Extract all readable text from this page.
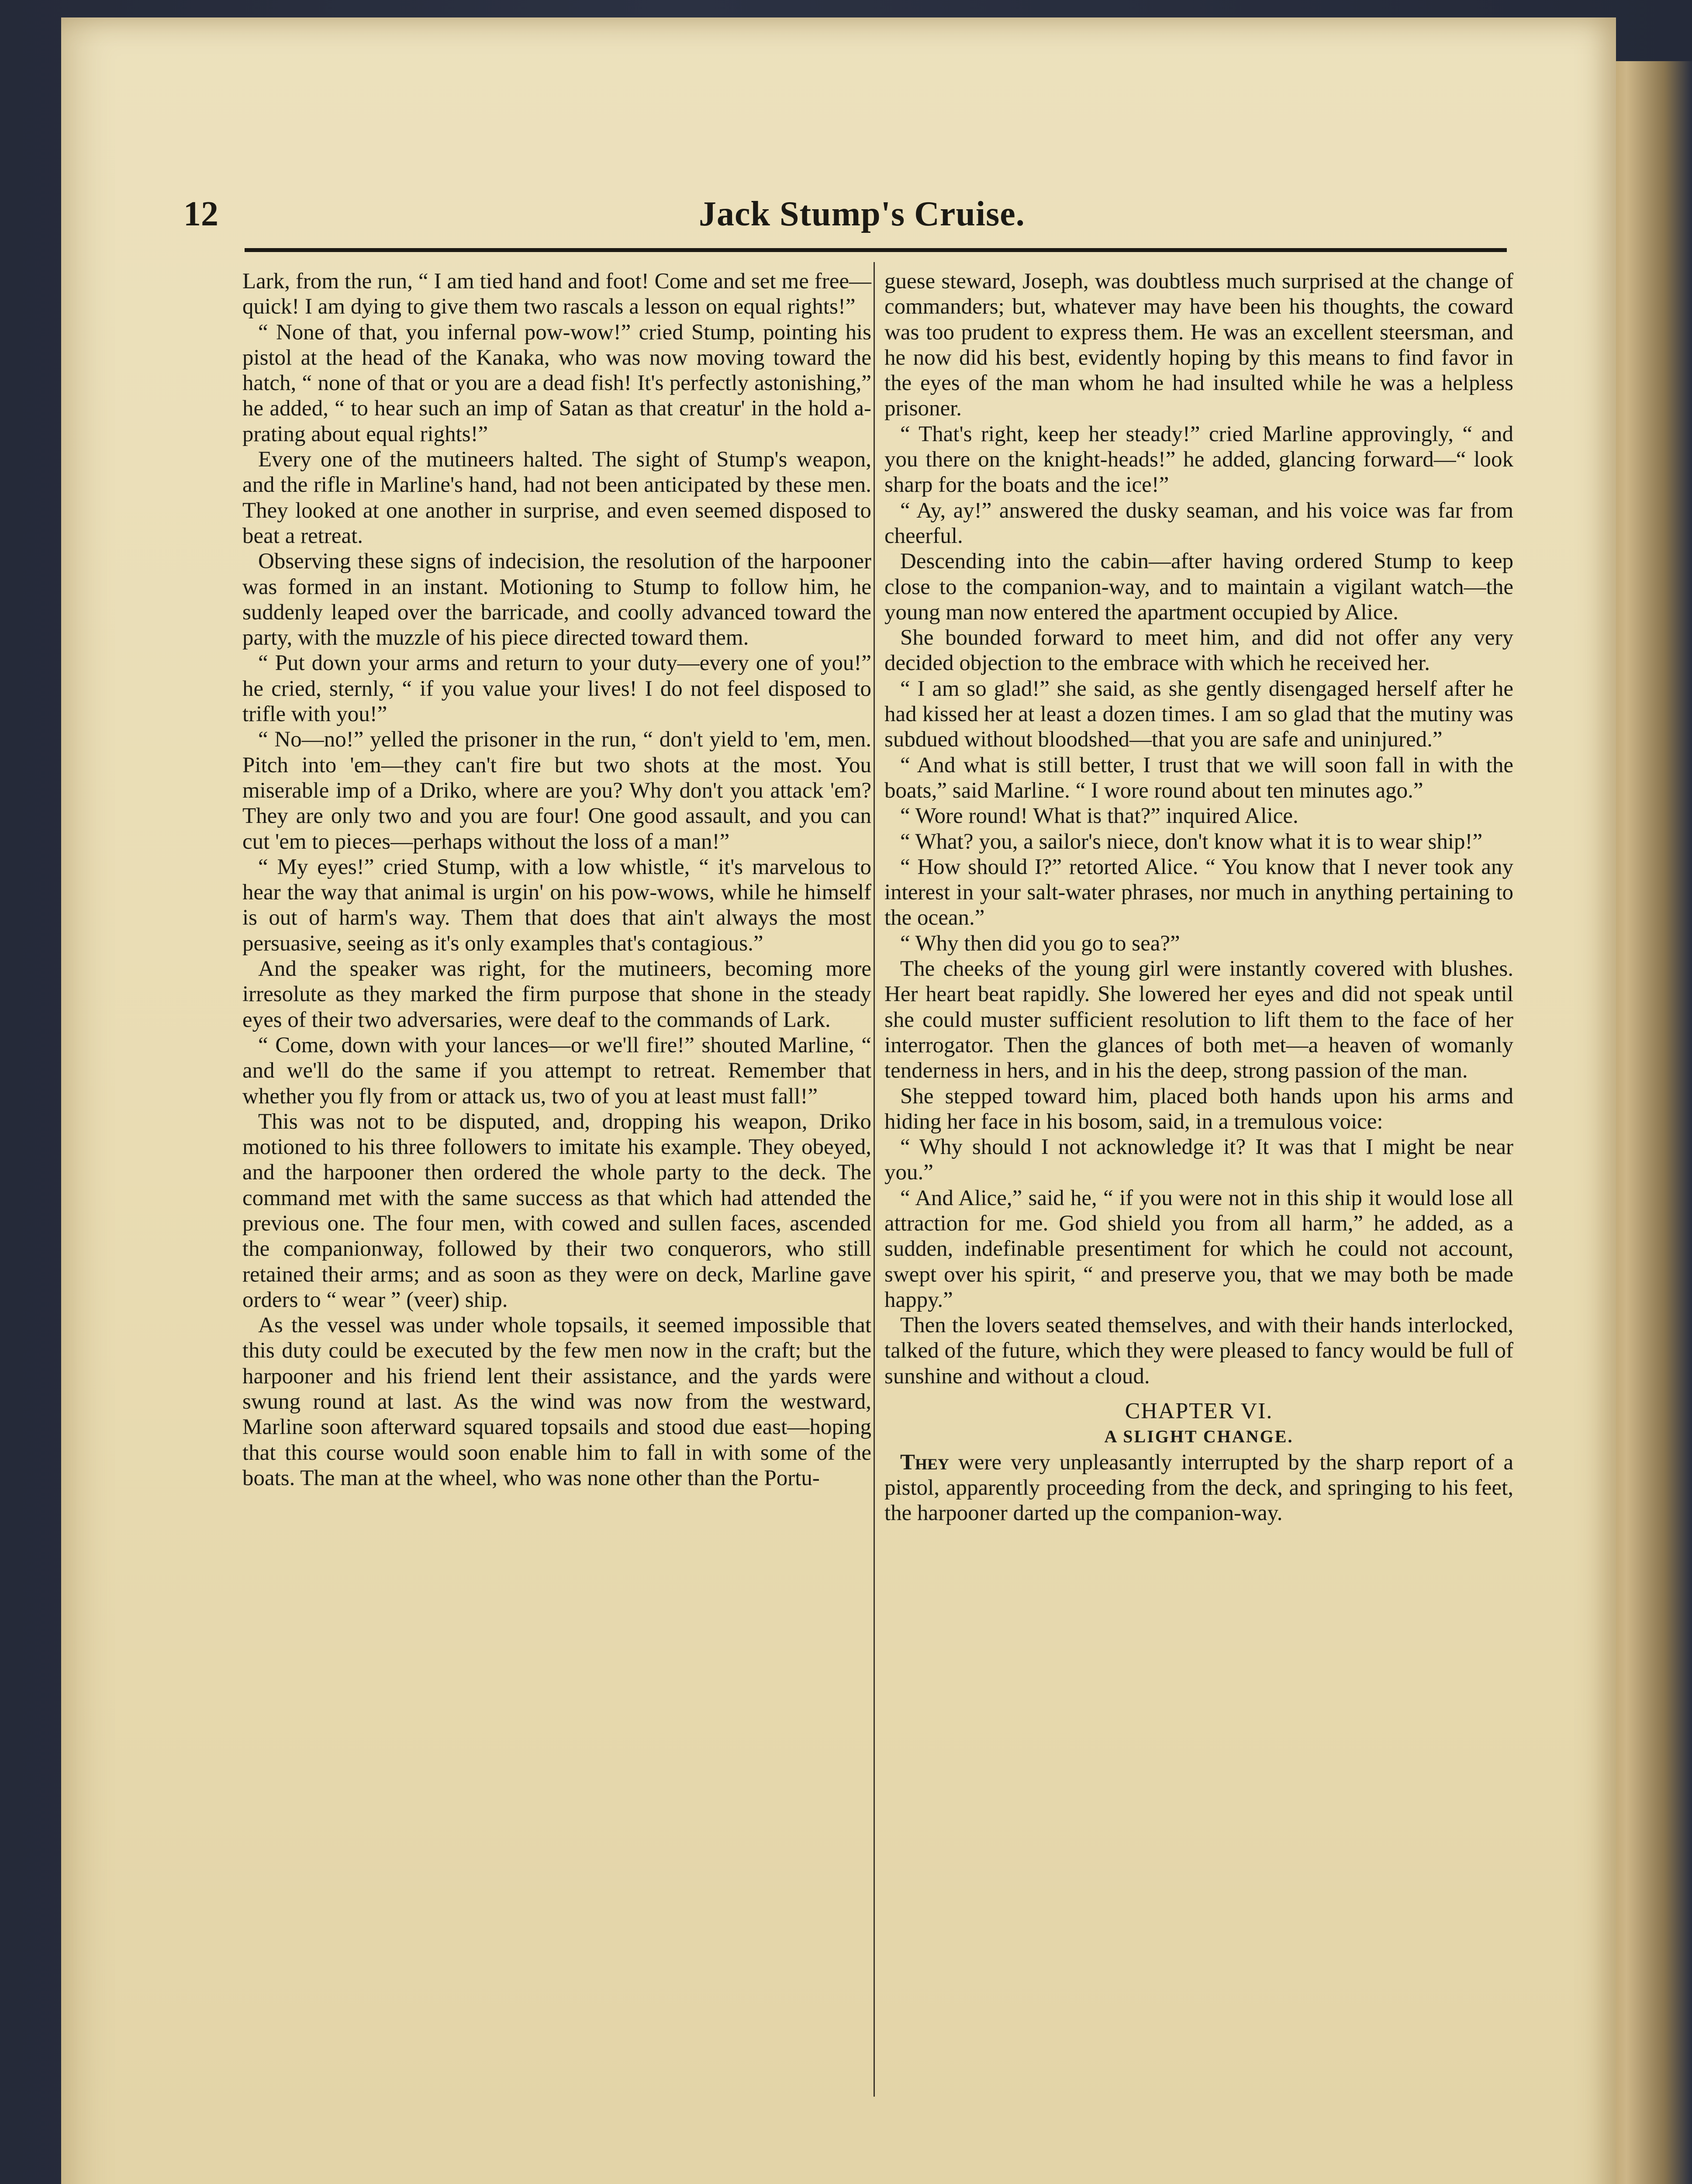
12	Jack Stump's Cruise.

Lark, from the run, “ I am tied hand and foot! Come and set me free—quick! I am dying to give them two rascals a lesson on equal rights!”

“ None of that, you infernal pow-wow!” cried Stump, pointing his pistol at the head of the Kanaka, who was now moving toward the hatch, “ none of that or you are a dead fish! It's perfectly astonishing,” he added, “ to hear such an imp of Satan as that creatur' in the hold a-prating about equal rights!”

Every one of the mutineers halted. The sight of Stump's weapon, and the rifle in Marline's hand, had not been anticipated by these men. They looked at one another in surprise, and even seemed disposed to beat a retreat.

Observing these signs of indecision, the resolution of the harpooner was formed in an instant. Motioning to Stump to follow him, he suddenly leaped over the barricade, and coolly advanced toward the party, with the muzzle of his piece directed toward them.

“ Put down your arms and return to your duty—every one of you!” he cried, sternly, “ if you value your lives! I do not feel disposed to trifle with you!”

“ No—no!” yelled the prisoner in the run, “ don't yield to 'em, men. Pitch into 'em—they can't fire but two shots at the most. You miserable imp of a Driko, where are you? Why don't you attack 'em? They are only two and you are four! One good assault, and you can cut 'em to pieces—perhaps without the loss of a man!”

“ My eyes!” cried Stump, with a low whistle, “ it's marvelous to hear the way that animal is urgin' on his pow-wows, while he himself is out of harm's way. Them that does that ain't always the most persuasive, seeing as it's only examples that's contagious.”

And the speaker was right, for the mutineers, becoming more irresolute as they marked the firm purpose that shone in the steady eyes of their two adversaries, were deaf to the commands of Lark.

“ Come, down with your lances—or we'll fire!” shouted Marline, “ and we'll do the same if you attempt to retreat. Remember that whether you fly from or attack us, two of you at least must fall!”

This was not to be disputed, and, dropping his weapon, Driko motioned to his three followers to imitate his example. They obeyed, and the harpooner then ordered the whole party to the deck. The command met with the same success as that which had attended the previous one. The four men, with cowed and sullen faces, ascended the companionway, followed by their two conquerors, who still retained their arms; and as soon as they were on deck, Marline gave orders to “ wear ” (veer) ship.

As the vessel was under whole topsails, it seemed impossible that this duty could be executed by the few men now in the craft; but the harpooner and his friend lent their assistance, and the yards were swung round at last. As the wind was now from the westward, Marline soon afterward squared topsails and stood due east—hoping that this course would soon enable him to fall in with some of the boats. The man at the wheel, who was none other than the Portu-

guese steward, Joseph, was doubtless much surprised at the change of commanders; but, whatever may have been his thoughts, the coward was too prudent to express them. He was an excellent steersman, and he now did his best, evidently hoping by this means to find favor in the eyes of the man whom he had insulted while he was a helpless prisoner.

“ That's right, keep her steady!” cried Marline approvingly, “ and you there on the knight-heads!” he added, glancing forward—“ look sharp for the boats and the ice!”

“ Ay, ay!” answered the dusky seaman, and his voice was far from cheerful.

Descending into the cabin—after having ordered Stump to keep close to the companion-way, and to maintain a vigilant watch—the young man now entered the apartment occupied by Alice.

She bounded forward to meet him, and did not offer any very decided objection to the embrace with which he received her.

“ I am so glad!” she said, as she gently disengaged herself after he had kissed her at least a dozen times. I am so glad that the mutiny was subdued without bloodshed—that you are safe and uninjured.”

“ And what is still better, I trust that we will soon fall in with the boats,” said Marline. “ I wore round about ten minutes ago.”

“ Wore round! What is that?” inquired Alice.

“ What? you, a sailor's niece, don't know what it is to wear ship!”

“ How should I?” retorted Alice. “ You know that I never took any interest in your salt-water phrases, nor much in anything pertaining to the ocean.”

“ Why then did you go to sea?”

The cheeks of the young girl were instantly covered with blushes. Her heart beat rapidly. She lowered her eyes and did not speak until she could muster sufficient resolution to lift them to the face of her interrogator. Then the glances of both met—a heaven of womanly tenderness in hers, and in his the deep, strong passion of the man.

She stepped toward him, placed both hands upon his arms and hiding her face in his bosom, said, in a tremulous voice:

“ Why should I not acknowledge it? It was that I might be near you.”

“ And Alice,” said he, “ if you were not in this ship it would lose all attraction for me. God shield you from all harm,” he added, as a sudden, indefinable presentiment for which he could not account, swept over his spirit, “ and preserve you, that we may both be made happy.”

Then the lovers seated themselves, and with their hands interlocked, talked of the future, which they were pleased to fancy would be full of sunshine and without a cloud.

CHAPTER VI.

A SLIGHT CHANGE.

They were very unpleasantly interrupted by the sharp report of a pistol, apparently proceeding from the deck, and springing to his feet, the harpooner darted up the companion-way.
